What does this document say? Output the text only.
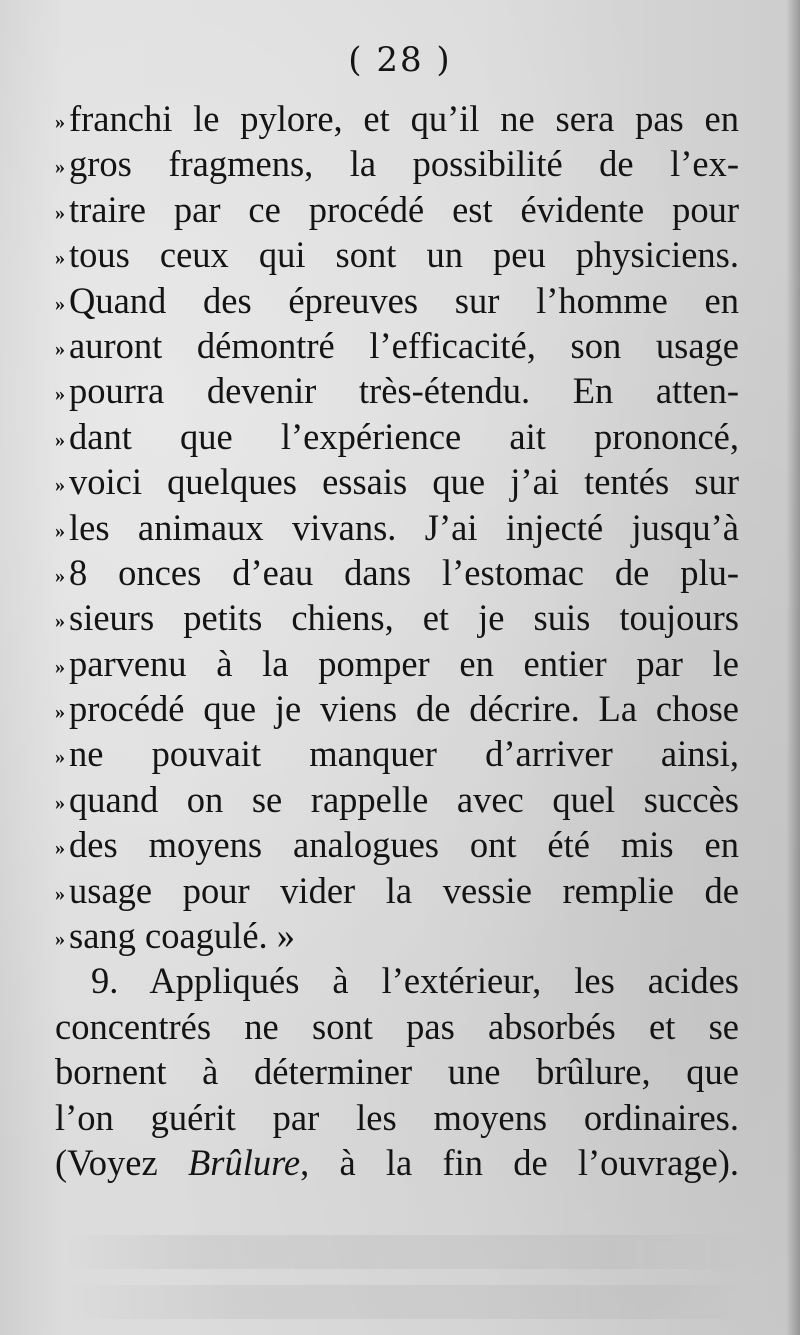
( 28 )
» franchi le pylore, et qu’il ne sera pas en
» gros fragmens, la possibilité de l’ex-
» traire par ce procédé est évidente pour
» tous ceux qui sont un peu physiciens.
» Quand des épreuves sur l’homme en
» auront démontré l’efficacité, son usage
» pourra devenir très-étendu. En atten-
» dant que l’expérience ait prononcé,
» voici quelques essais que j’ai tentés sur
» les animaux vivans. J’ai injecté jusqu’à
» 8 onces d’eau dans l’estomac de plu-
» sieurs petits chiens, et je suis toujours
» parvenu à la pomper en entier par le
» procédé que je viens de décrire. La chose
» ne pouvait manquer d’arriver ainsi,
» quand on se rappelle avec quel succès
» des moyens analogues ont été mis en
» usage pour vider la vessie remplie de
» sang coagulé. »
9. Appliqués à l’extérieur, les acides
concentrés ne sont pas absorbés et se
bornent à déterminer une brûlure, que
l’on guérit par les moyens ordinaires.
(Voyez Brûlure, à la fin de l’ouvrage).
